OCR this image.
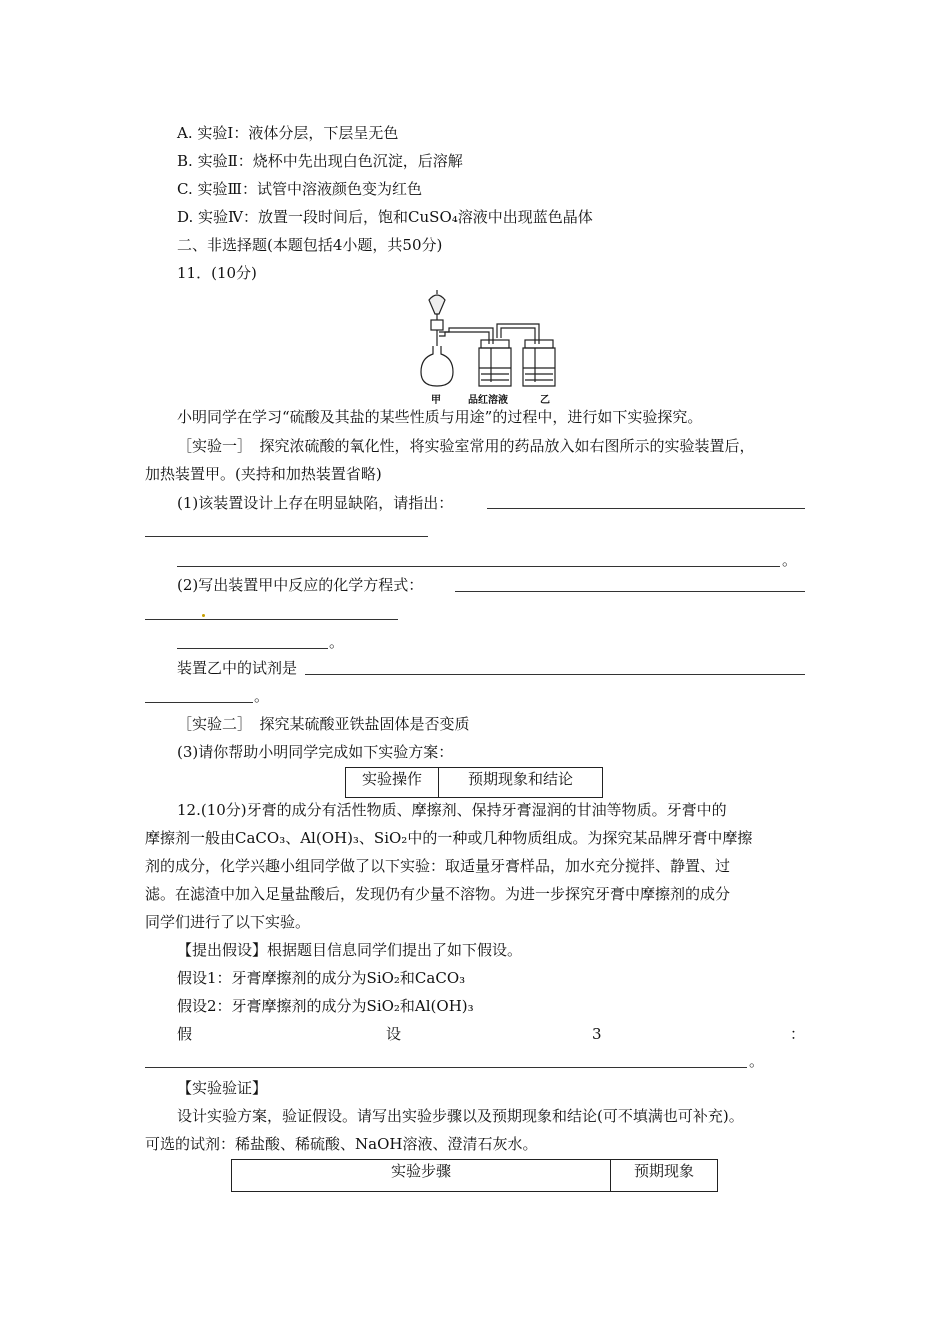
A. 实验Ⅰ：液体分层，下层呈无色
B. 实验Ⅱ：烧杯中先出现白色沉淀，后溶解
C. 实验Ⅲ：试管中溶液颜色变为红色
D. 实验Ⅳ：放置一段时间后，饱和CuSO₄溶液中出现蓝色晶体
二、非选择题(本题包括4小题，共50分)
11．(10分)
甲	品红溶液	乙
小明同学在学习“硫酸及其盐的某些性质与用途”的过程中，进行如下实验探究。
［实验一］　探究浓硫酸的氧化性，将实验室常用的药品放入如右图所示的实验装置后，
加热装置甲。(夹持和加热装置省略)
(1)该装置设计上存在明显缺陷，请指出：
。
(2)写出装置甲中反应的化学方程式：
。
装置乙中的试剂是
。
［实验二］　探究某硫酸亚铁盐固体是否变质
(3)请你帮助小明同学完成如下实验方案：
实验操作	预期现象和结论
12.(10分)牙膏的成分有活性物质、摩擦剂、保持牙膏湿润的甘油等物质。牙膏中的
摩擦剂一般由CaCO₃、Al(OH)₃、SiO₂中的一种或几种物质组成。为探究某品牌牙膏中摩擦
剂的成分，化学兴趣小组同学做了以下实验：取适量牙膏样品，加水充分搅拌、静置、过
滤。在滤渣中加入足量盐酸后，发现仍有少量不溶物。为进一步探究牙膏中摩擦剂的成分
同学们进行了以下实验。
【提出假设】根据题目信息同学们提出了如下假设。
假设1：牙膏摩擦剂的成分为SiO₂和CaCO₃
假设2：牙膏摩擦剂的成分为SiO₂和Al(OH)₃
假	设	3	：
。
【实验验证】
设计实验方案，验证假设。请写出实验步骤以及预期现象和结论(可不填满也可补充)。
可选的试剂：稀盐酸、稀硫酸、NaOH溶液、澄清石灰水。
实验步骤	预期现象
